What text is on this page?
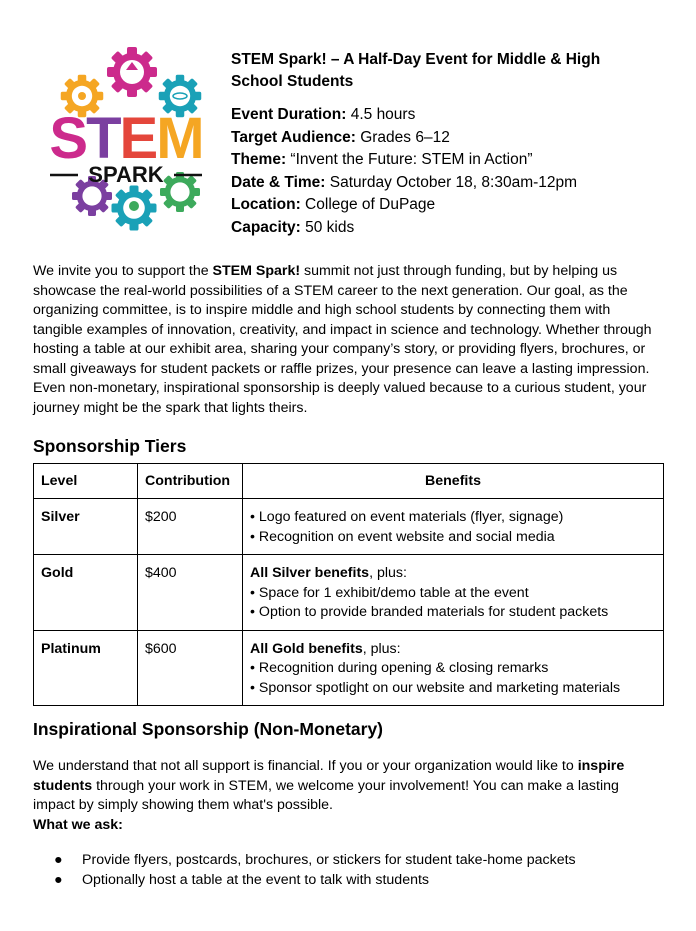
STEM
SPARK
STEM Spark! – A Half-Day Event for Middle & High School Students
Event Duration: 4.5 hours
Target Audience: Grades 6–12
Theme: “Invent the Future: STEM in Action”
Date & Time: Saturday October 18, 8:30am-12pm
Location: College of DuPage
Capacity: 50 kids

We invite you to support the STEM Spark! summit not just through funding, but by helping us showcase the real-world possibilities of a STEM career to the next generation. Our goal, as the organizing committee, is to inspire middle and high school students by connecting them with tangible examples of innovation, creativity, and impact in science and technology. Whether through hosting a table at our exhibit area, sharing your company’s story, or providing flyers, brochures, or small giveaways for student packets or raffle prizes, your presence can leave a lasting impression. Even non-monetary, inspirational sponsorship is deeply valued because to a curious student, your journey might be the spark that lights theirs.

Sponsorship Tiers
Level	Contribution	Benefits
Silver	$200	• Logo featured on event materials (flyer, signage)
• Recognition on event website and social media

Gold	$400	All Silver benefits, plus:
• Space for 1 exhibit/demo table at the event
• Option to provide branded materials for student packets

Platinum	$600	All Gold benefits, plus:
• Recognition during opening & closing remarks
• Sponsor spotlight on our website and marketing materials
Inspirational Sponsorship (Non-Monetary)

We understand that not all support is financial. If you or your organization would like to inspire students through your work in STEM, we welcome your involvement! You can make a lasting impact by simply showing them what's possible.
What we ask:

● Provide flyers, postcards, brochures, or stickers for student take-home packets
● Optionally host a table at the event to talk with students
